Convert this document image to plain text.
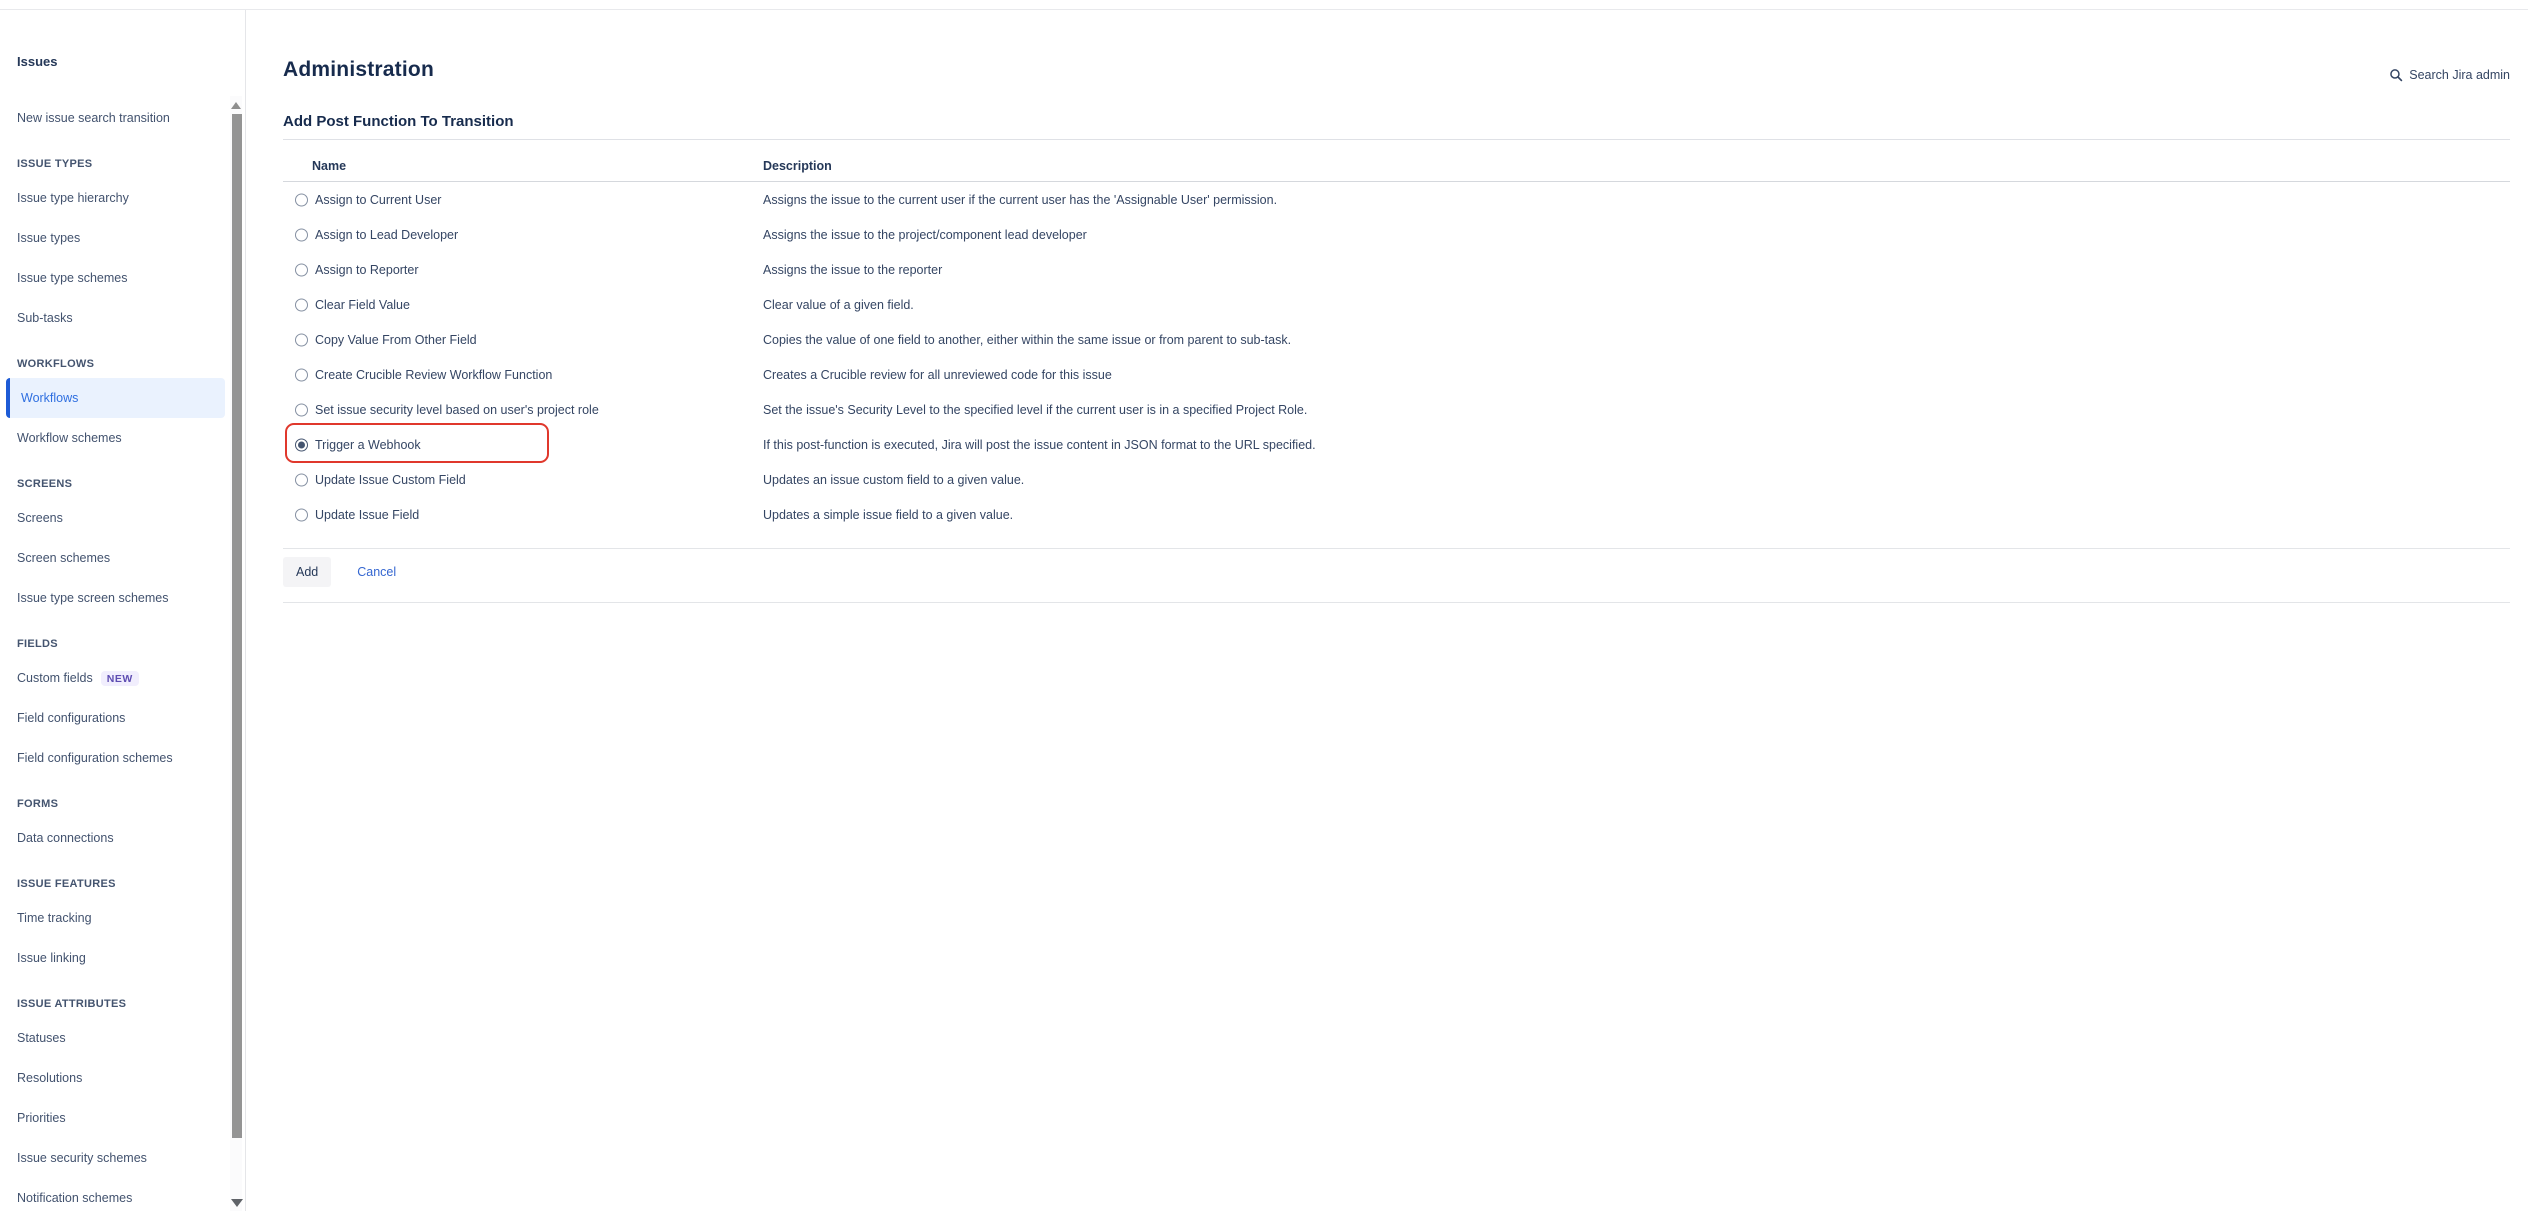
Issues
New issue search transition
ISSUE TYPES
Issue type hierarchy
Issue types
Issue type schemes
Sub-tasks
WORKFLOWS
Workflows
Workflow schemes
SCREENS
Screens
Screen schemes
Issue type screen schemes
FIELDS
Custom fields	NEW
Field configurations
Field configuration schemes
FORMS
Data connections
ISSUE FEATURES
Time tracking
Issue linking
ISSUE ATTRIBUTES
Statuses
Resolutions
Priorities
Issue security schemes
Notification schemes
Administration	Search Jira admin
Add Post Function To Transition
Name	Description
Assign to Current User	Assigns the issue to the current user if the current user has the 'Assignable User' permission.
Assign to Lead Developer	Assigns the issue to the project/component lead developer
Assign to Reporter	Assigns the issue to the reporter
Clear Field Value	Clear value of a given field.
Copy Value From Other Field	Copies the value of one field to another, either within the same issue or from parent to sub-task.
Create Crucible Review Workflow Function	Creates a Crucible review for all unreviewed code for this issue
Set issue security level based on user's project role	Set the issue's Security Level to the specified level if the current user is in a specified Project Role.
Trigger a Webhook	If this post-function is executed, Jira will post the issue content in JSON format to the URL specified.
Update Issue Custom Field	Updates an issue custom field to a given value.
Update Issue Field	Updates a simple issue field to a given value.
Add	Cancel
